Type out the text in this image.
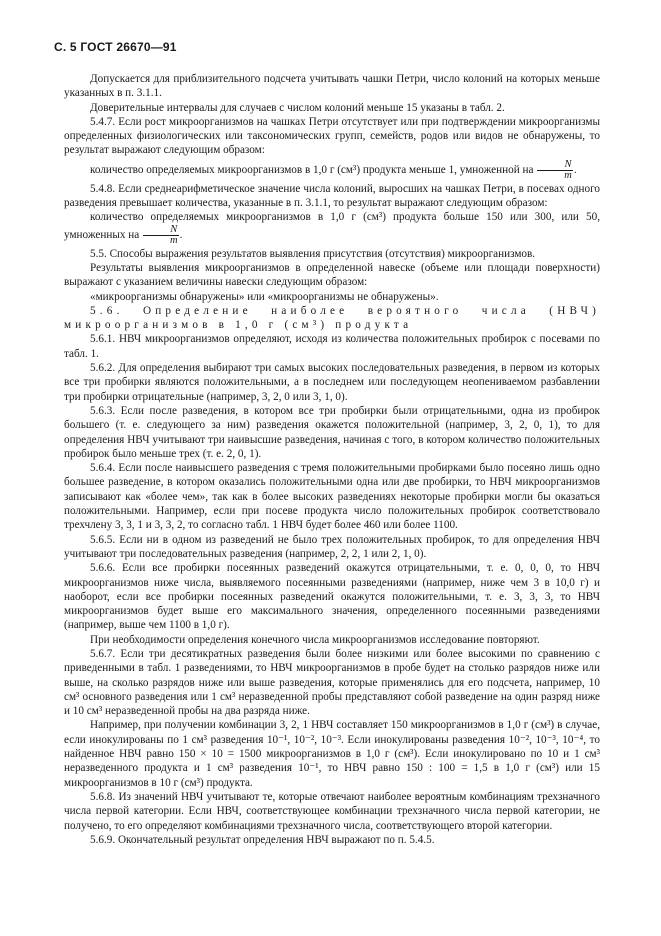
С. 5 ГОСТ 26670—91

Допускается для приблизительного подсчета учитывать чашки Петри, число колоний на которых меньше указанных в п. 3.1.1.

Доверительные интервалы для случаев с числом колоний меньше 15 указаны в табл. 2.

5.4.7. Если рост микроорганизмов на чашках Петри отсутствует или при подтверждении микроорганизмы определенных физиологических или таксономических групп, семейств, родов или видов не обнаружены, то результат выражают следующим образом:

количество определяемых микроорганизмов в 1,0 г (см³) продукта меньше 1, умноженной на $\frac{N}{m}$ .

5.4.8. Если среднеарифметическое значение числа колоний, выросших на чашках Петри, в посевах одного разведения превышает количества, указанные в п. 3.1.1, то результат выражают следующим образом:

количество определяемых микроорганизмов в 1,0 г (см³) продукта больше 150 или 300, или 50, умноженных на $\frac{N}{m}$ .

5.5. Способы выражения результатов выявления присутствия (отсутствия) микроорганизмов.

Результаты выявления микроорганизмов в определенной навеске (объеме или площади поверхности) выражают с указанием величины навески следующим образом:

«микроорганизмы обнаружены» или «микроорганизмы не обнаружены».

5.6. Определение наиболее вероятного числа (НВЧ) микроорганизмов в 1,0 г (см³) продукта

5.6.1. НВЧ микроорганизмов определяют, исходя из количества положительных пробирок с посевами по табл. 1.

5.6.2. Для определения выбирают три самых высоких последовательных разведения, в первом из которых все три пробирки являются положительными, а в последнем или последующем неопениваемом разбавлении три пробирки отрицательные (например, 3, 2, 0 или 3, 1, 0).

5.6.3. Если после разведения, в котором все три пробирки были отрицательными, одна из пробирок большего (т. е. следующего за ним) разведения окажется положительной (например, 3, 2, 0, 1), то для определения НВЧ учитывают три наивысшие разведения, начиная с того, в котором количество положительных пробирок было меньше трех (т. е. 2, 0, 1).

5.6.4. Если после наивысшего разведения с тремя положительными пробирками было посеяно лишь одно большее разведение, в котором оказались положительными одна или две пробирки, то НВЧ микроорганизмов записывают как «более чем», так как в более высоких разведениях некоторые пробирки могли бы оказаться положительными. Например, если при посеве продукта число положительных пробирок соответствовало трехчлену 3, 3, 1 и 3, 3, 2, то согласно табл. 1 НВЧ будет более 460 или более 1100.

5.6.5. Если ни в одном из разведений не было трех положительных пробирок, то для определения НВЧ учитывают три последовательных разведения (например, 2, 2, 1 или 2, 1, 0).

5.6.6. Если все пробирки посеянных разведений окажутся отрицательными, т. е. 0, 0, 0, то НВЧ микроорганизмов ниже числа, выявляемого посеянными разведениями (например, ниже чем 3 в 10,0 г) и наоборот, если все пробирки посеянных разведений окажутся положительными, т. е. 3, 3, 3, то НВЧ микроорганизмов будет выше его максимального значения, определенного посеянными разведениями (например, выше чем 1100 в 1,0 г).

При необходимости определения конечного числа микроорганизмов исследование повторяют.

5.6.7. Если три десятикратных разведения были более низкими или более высокими по сравнению с приведенными в табл. 1 разведениями, то НВЧ микроорганизмов в пробе будет на столько разрядов ниже или выше, на сколько разрядов ниже или выше разведения, которые применялись для его подсчета, например, 10 см³ основного разведения или 1 см³ неразведенной пробы представляют собой разведение на один разряд ниже и 10 см³ неразведенной пробы на два разряда ниже.

Например, при получении комбинации 3, 2, 1 НВЧ составляет 150 микроорганизмов в 1,0 г (см³) в случае, если инокулированы по 1 см³ разведения 10⁻¹, 10⁻², 10⁻³. Если инокулированы разведения 10⁻², 10⁻³, 10⁻⁴, то найденное НВЧ равно 150 × 10 = 1500 микроорганизмов в 1,0 г (см³). Если инокулировано по 10 и 1 см³ неразведенного продукта и 1 см³ разведения 10⁻¹, то НВЧ равно 150 : 100 = 1,5 в 1,0 г (см³) или 15 микроорганизмов в 10 г (см³) продукта.

5.6.8. Из значений НВЧ учитывают те, которые отвечают наиболее вероятным комбинациям трехзначного числа первой категории. Если НВЧ, соответствующее комбинации трехзначного числа первой категории, не получено, то его определяют комбинациями трехзначного числа, соответствующего второй категории.

5.6.9. Окончательный результат определения НВЧ выражают по п. 5.4.5.
